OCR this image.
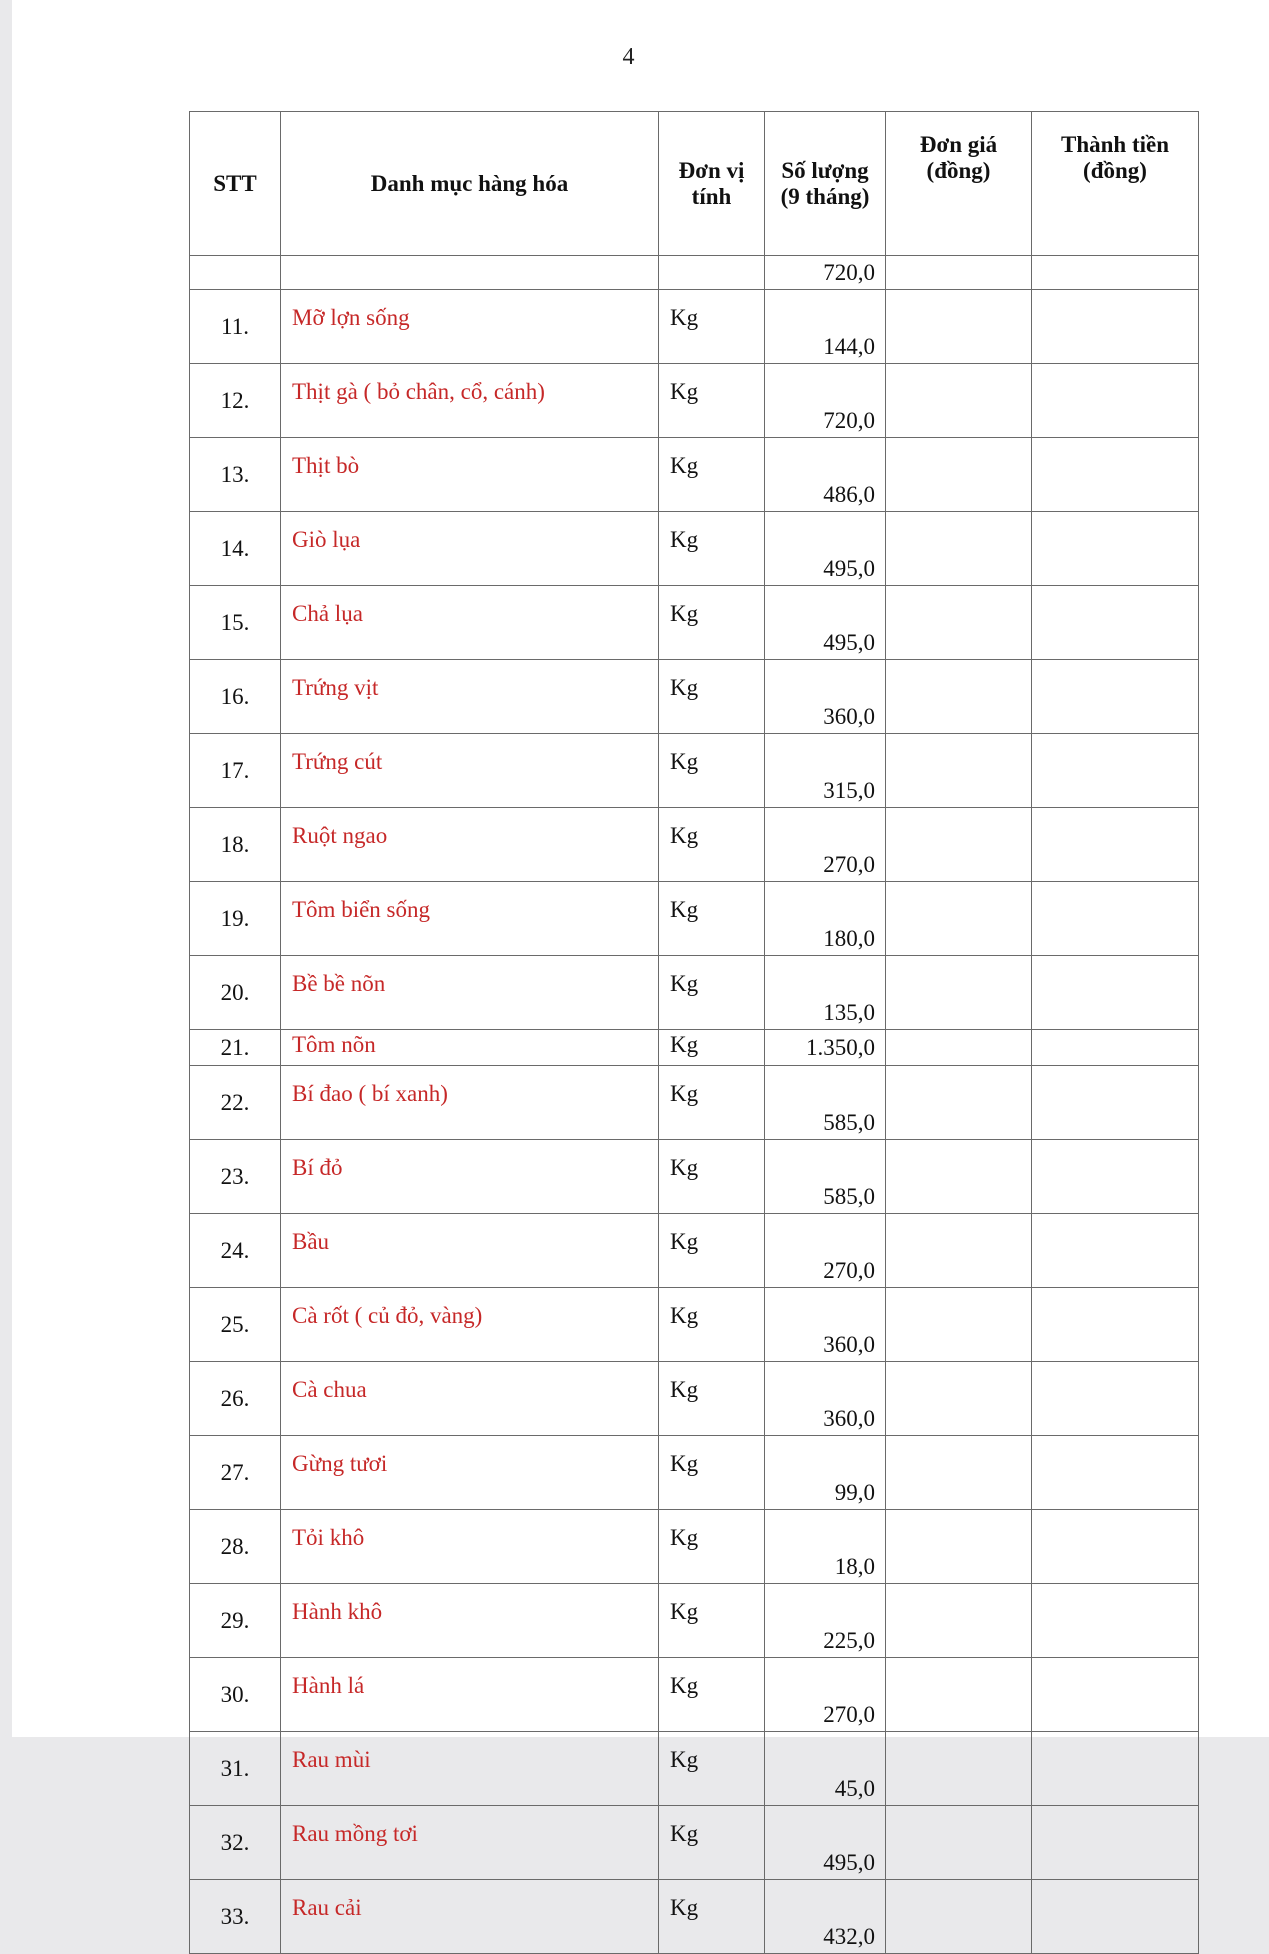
4
STT	Danh mục hàng hóa	Đơn vị tính	Số lượng (9 tháng)	Đơn giá (đồng)	Thành tiền (đồng)

			720,0		
11.	Mỡ lợn sống	Kg	144,0		
12.	Thịt gà ( bỏ chân, cổ, cánh)	Kg	720,0		
13.	Thịt bò	Kg	486,0		
14.	Giò lụa	Kg	495,0		
15.	Chả lụa	Kg	495,0		
16.	Trứng vịt	Kg	360,0		
17.	Trứng cút	Kg	315,0		
18.	Ruột ngao	Kg	270,0		
19.	Tôm biển sống	Kg	180,0		
20.	Bề bề nõn	Kg	135,0		
21.	Tôm nõn	Kg	1.350,0		
22.	Bí đao ( bí xanh)	Kg	585,0		
23.	Bí đỏ	Kg	585,0		
24.	Bầu	Kg	270,0		
25.	Cà rốt ( củ đỏ, vàng)	Kg	360,0		
26.	Cà chua	Kg	360,0		
27.	Gừng tươi	Kg	99,0		
28.	Tỏi khô	Kg	18,0		
29.	Hành khô	Kg	225,0		
30.	Hành lá	Kg	270,0		
31.	Rau mùi	Kg	45,0		
32.	Rau mồng tơi	Kg	495,0		
33.	Rau cải	Kg	432,0		
